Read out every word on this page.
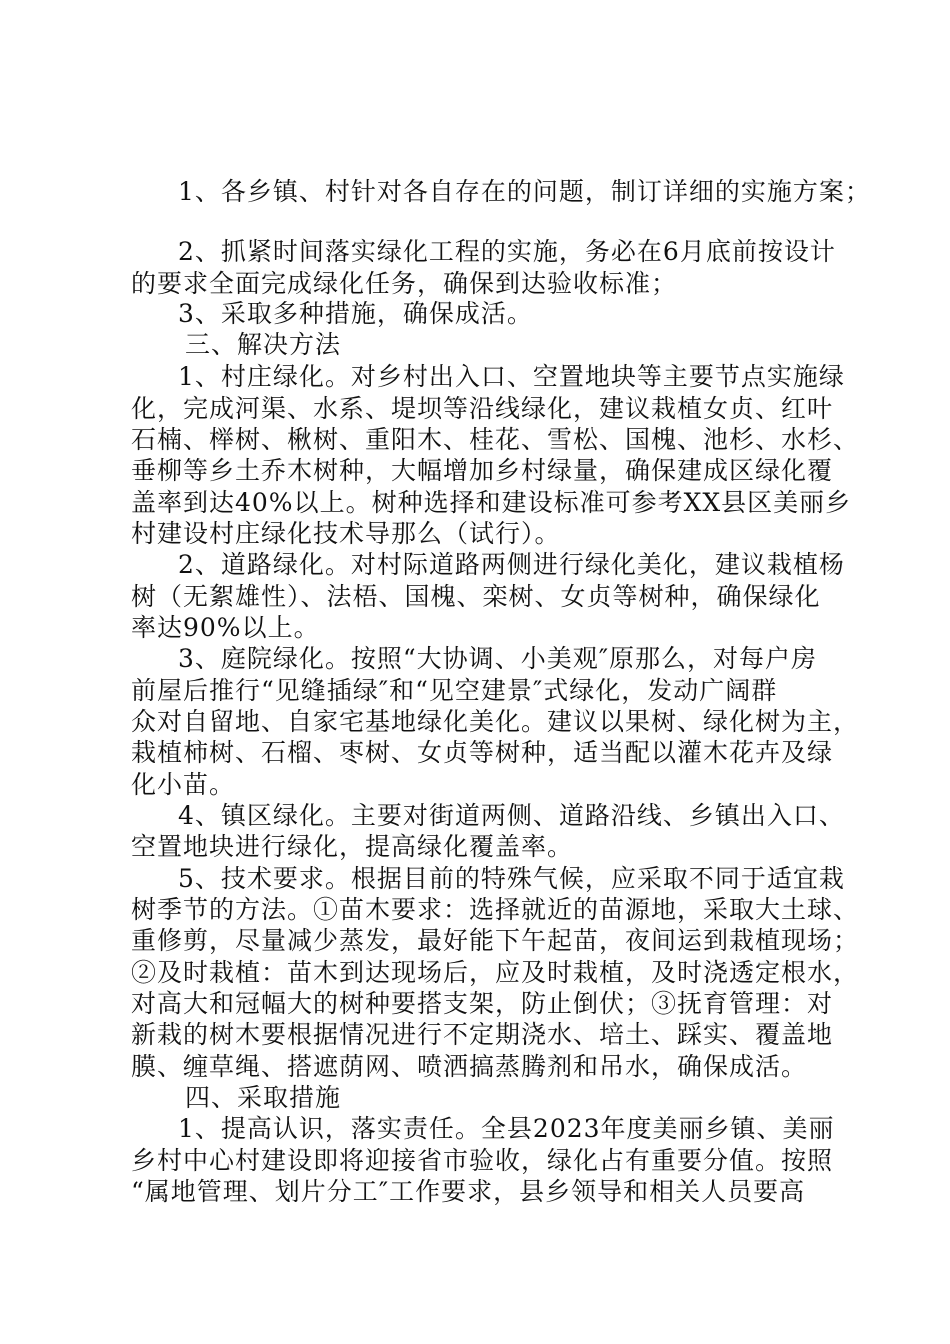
1、各乡镇、村针对各自存在的问题，制订详细的实施方案；
2、抓紧时间落实绿化工程的实施，务必在6月底前按设计
的要求全面完成绿化任务，确保到达验收标准；
3、采取多种措施，确保成活。
三、解决方法
1、村庄绿化。对乡村出入口、空置地块等主要节点实施绿
化，完成河渠、水系、堤坝等沿线绿化，建议栽植女贞、红叶
石楠、榉树、楸树、重阳木、桂花、雪松、国槐、池杉、水杉、
垂柳等乡土乔木树种，大幅增加乡村绿量，确保建成区绿化覆
盖率到达40%以上。树种选择和建设标准可参考XX县区美丽乡
村建设村庄绿化技术导那么（试行）。
2、道路绿化。对村际道路两侧进行绿化美化，建议栽植杨
树（无絮雄性）、法梧、国槐、栾树、女贞等树种，确保绿化
率达90%以上。
3、庭院绿化。按照“大协调、小美观″原那么，对每户房
前屋后推行“见缝插绿″和“见空建景″式绿化，发动广阔群
众对自留地、自家宅基地绿化美化。建议以果树、绿化树为主，
栽植柿树、石榴、枣树、女贞等树种，适当配以灌木花卉及绿
化小苗。
4、镇区绿化。主要对街道两侧、道路沿线、乡镇出入口、
空置地块进行绿化，提高绿化覆盖率。
5、技术要求。根据目前的特殊气候，应采取不同于适宜栽
树季节的方法。①苗木要求：选择就近的苗源地，采取大土球、
重修剪，尽量减少蒸发，最好能下午起苗，夜间运到栽植现场；
②及时栽植：苗木到达现场后，应及时栽植，及时浇透定根水，
对高大和冠幅大的树种要搭支架，防止倒伏；③抚育管理：对
新栽的树木要根据情况进行不定期浇水、培土、踩实、覆盖地
膜、缠草绳、搭遮荫网、喷洒搞蒸腾剂和吊水，确保成活。
四、采取措施
1、提高认识，落实责任。全县2023年度美丽乡镇、美丽
乡村中心村建设即将迎接省市验收，绿化占有重要分值。按照
“属地管理、划片分工″工作要求，县乡领导和相关人员要高
